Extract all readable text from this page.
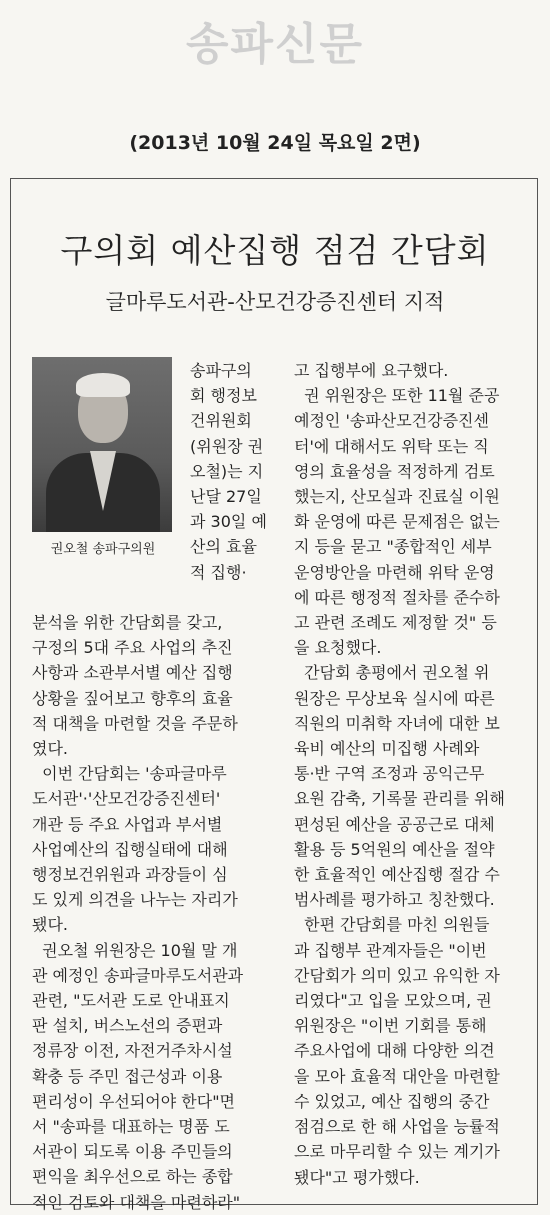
송파신문
(2013년 10월 24일 목요일 2면)
구의회 예산집행 점검 간담회
글마루도서관-산모건강증진센터 지적
권오철 송파구의원
송파구의
회 행정보
건위원회
(위원장 권
오철)는 지
난달 27일
과 30일 예
산의 효율
적 집행·
분석을 위한 간담회를 갖고,
구정의 5대 주요 사업의 추진
사항과 소관부서별 예산 집행
상황을 짚어보고 향후의 효율
적 대책을 마련할 것을 주문하
였다.
이번 간담회는 '송파글마루
도서관'·'산모건강증진센터'
개관 등 주요 사업과 부서별
사업예산의 집행실태에 대해
행정보건위원과 과장들이 심
도 있게 의견을 나누는 자리가
됐다.
권오철 위원장은 10월 말 개
관 예정인 송파글마루도서관과
관련, "도서관 도로 안내표지
판 설치, 버스노선의 증편과
정류장 이전, 자전거주차시설
확충 등 주민 접근성과 이용
편리성이 우선되어야 한다"면
서 "송파를 대표하는 명품 도
서관이 되도록 이용 주민들의
편익을 최우선으로 하는 종합
적인 검토와 대책을 마련하라"
고 집행부에 요구했다.
권 위원장은 또한 11월 준공
예정인 '송파산모건강증진센
터'에 대해서도 위탁 또는 직
영의 효율성을 적정하게 검토
했는지, 산모실과 진료실 이원
화 운영에 따른 문제점은 없는
지 등을 묻고 "종합적인 세부
운영방안을 마련해 위탁 운영
에 따른 행정적 절차를 준수하
고 관련 조례도 제정할 것" 등
을 요청했다.
간담회 총평에서 권오철 위
원장은 무상보육 실시에 따른
직원의 미취학 자녀에 대한 보
육비 예산의 미집행 사례와
통·반 구역 조정과 공익근무
요원 감축, 기록물 관리를 위해
편성된 예산을 공공근로 대체
활용 등 5억원의 예산을 절약
한 효율적인 예산집행 절감 수
범사례를 평가하고 칭찬했다.
한편 간담회를 마친 의원들
과 집행부 관계자들은 "이번
간담회가 의미 있고 유익한 자
리였다"고 입을 모았으며, 권
위원장은 "이번 기회를 통해
주요사업에 대해 다양한 의견
을 모아 효율적 대안을 마련할
수 있었고, 예산 집행의 중간
점검으로 한 해 사업을 능률적
으로 마무리할 수 있는 계기가
됐다"고 평가했다.
